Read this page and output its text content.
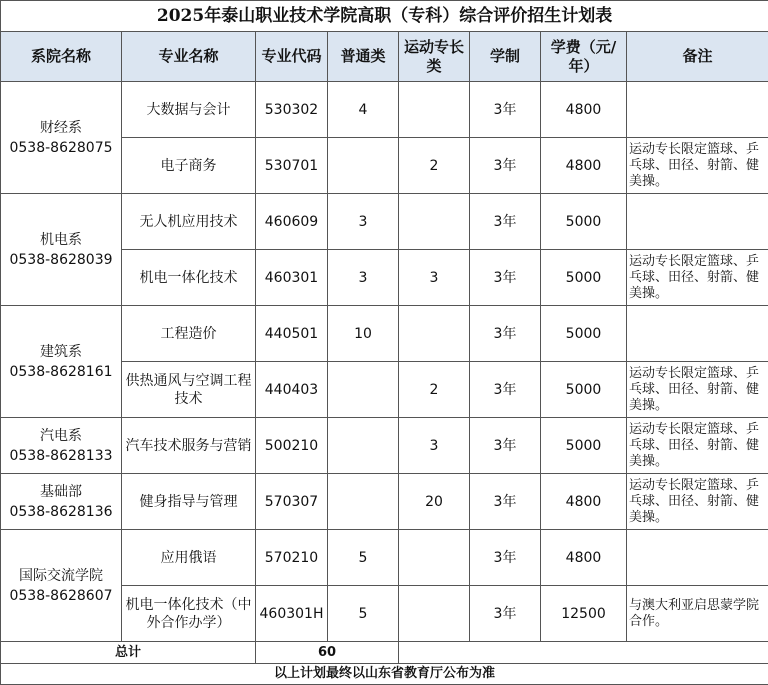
2025年泰山职业技术学院高职（专科）综合评价招生计划表							
系院名称	专业名称	专业代码	普通类	运动专长类	学制	学费（元/年）	备注
财经系
0538-8628075	大数据与会计	530302	4		3年	4800	
	电子商务	530701		2	3年	4800	运动专长限定篮球、乒乓球、田径、射箭、健美操。
机电系
0538-8628039	无人机应用技术	460609	3		3年	5000	
	机电一体化技术	460301	3	3	3年	5000	运动专长限定篮球、乒乓球、田径、射箭、健美操。
建筑系
0538-8628161	工程造价	440501	10		3年	5000	
	供热通风与空调工程技术	440403		2	3年	5000	运动专长限定篮球、乒乓球、田径、射箭、健美操。
汽电系
0538-8628133	汽车技术服务与营销	500210		3	3年	5000	运动专长限定篮球、乒乓球、田径、射箭、健美操。
基础部
0538-8628136	健身指导与管理	570307		20	3年	4800	运动专长限定篮球、乒乓球、田径、射箭、健美操。
国际交流学院
0538-8628607	应用俄语	570210	5		3年	4800	
	机电一体化技术（中外合作办学）	460301H	5		3年	12500	与澳大利亚启思蒙学院合作。
总计		60					
以上计划最终以山东省教育厅公布为准							
